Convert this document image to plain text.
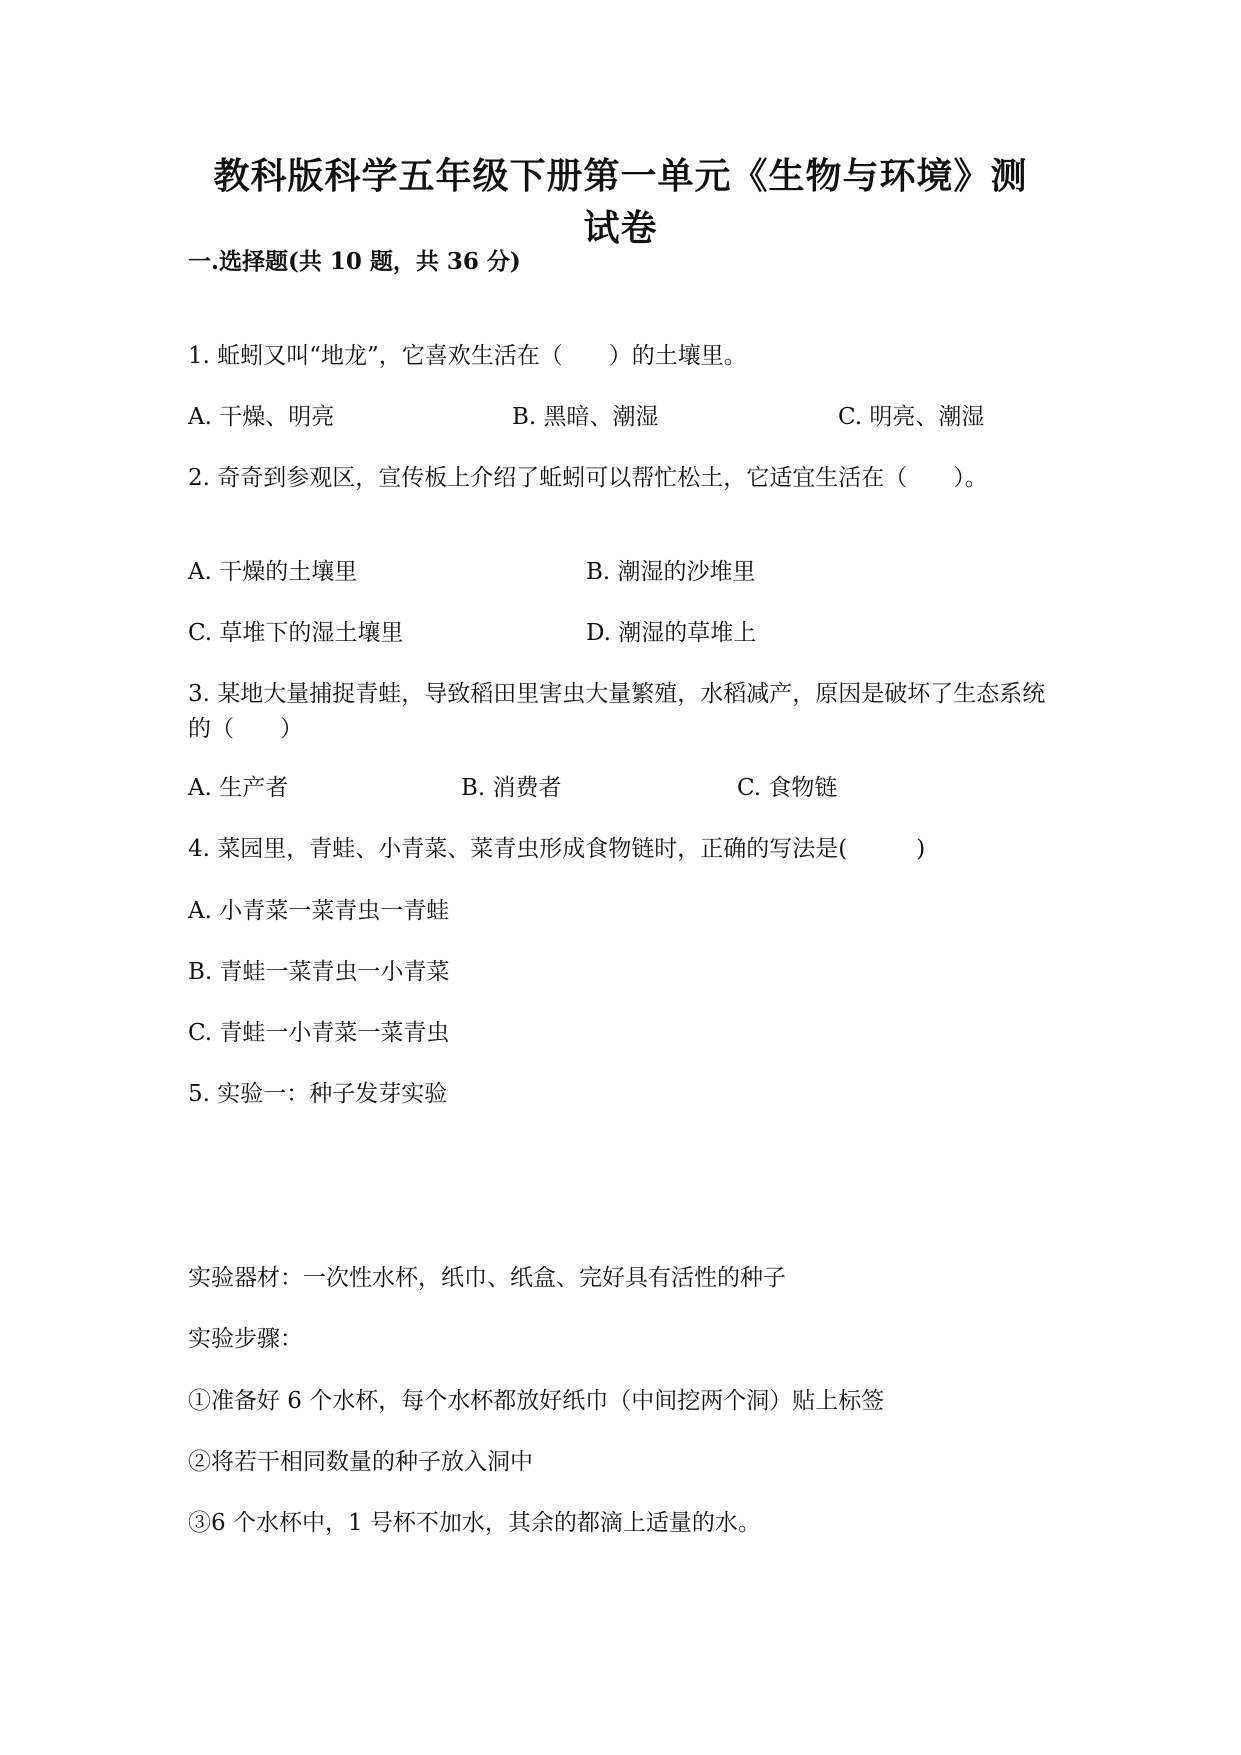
教科版科学五年级下册第一单元《生物与环境》测
试卷
一.选择题(共 10 题，共 36 分)
1. 蚯蚓又叫“地龙”，它喜欢生活在（　　）的土壤里。
A. 干燥、明亮	B. 黑暗、潮湿	C. 明亮、潮湿
2. 奇奇到参观区，宣传板上介绍了蚯蚓可以帮忙松土，它适宜生活在（　　）。
A. 干燥的土壤里	B. 潮湿的沙堆里
C. 草堆下的湿土壤里	D. 潮湿的草堆上
3. 某地大量捕捉青蛙，导致稻田里害虫大量繁殖，水稻减产，原因是破坏了生态系统的（　　）
A. 生产者	B. 消费者	C. 食物链
4. 菜园里，青蛙、小青菜、菜青虫形成食物链时，正确的写法是(　　　)
A. 小青菜一菜青虫一青蛙
B. 青蛙一菜青虫一小青菜
C. 青蛙一小青菜一菜青虫
5. 实验一：种子发芽实验
实验器材：一次性水杯，纸巾、纸盒、完好具有活性的种子
实验步骤：
①准备好 6 个水杯，每个水杯都放好纸巾（中间挖两个洞）贴上标签
②将若干相同数量的种子放入洞中
③6 个水杯中，1 号杯不加水，其余的都滴上适量的水。
